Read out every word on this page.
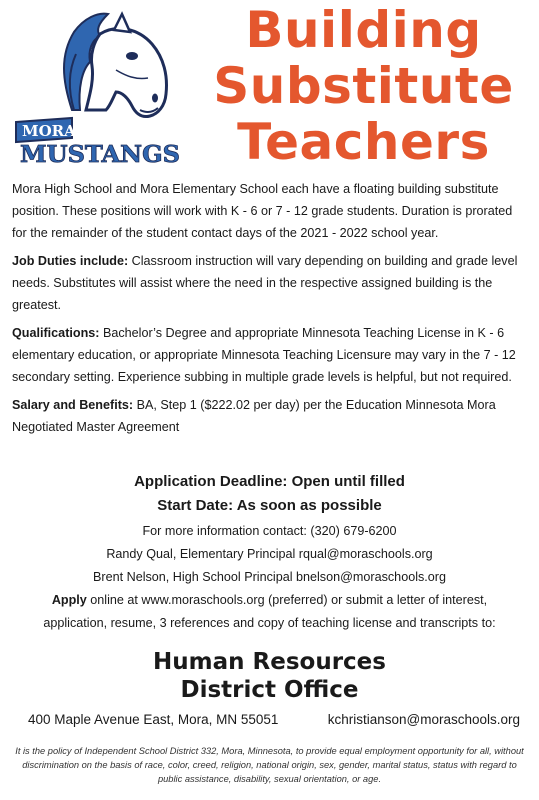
MORA
MUSTANGS
Building
Substitute
Teachers

Mora High School and Mora Elementary School each have a floating building substitute position. These positions will work with K - 6 or 7 - 12 grade students. Duration is prorated for the remainder of the student contact days of the 2021 - 2022 school year.

Job Duties include: Classroom instruction will vary depending on building and grade level needs. Substitutes will assist where the need in the respective assigned building is the greatest.

Qualifications: Bachelor’s Degree and appropriate Minnesota Teaching License in K - 6 elementary education, or appropriate Minnesota Teaching Licensure may vary in the 7 - 12 secondary setting. Experience subbing in multiple grade levels is helpful, but not required.

Salary and Benefits: BA, Step 1 ($222.02 per day) per the Education Minnesota Mora Negotiated Master Agreement

Application Deadline: Open until filled
Start Date: As soon as possible
For more information contact: (320) 679-6200
Randy Qual, Elementary Principal rqual@moraschools.org
Brent Nelson, High School Principal bnelson@moraschools.org
Apply online at www.moraschools.org (preferred) or submit a letter of interest,
application, resume, 3 references and copy of teaching license and transcripts to:
Human Resources
District Office
400 Maple Avenue East, Mora, MN 55051	kchristianson@moraschools.org
It is the policy of Independent School District 332, Mora, Minnesota, to provide equal employment opportunity for all, without discrimination on the basis of race, color, creed, religion, national origin, sex, gender, marital status, status with regard to public assistance, disability, sexual orientation, or age.
